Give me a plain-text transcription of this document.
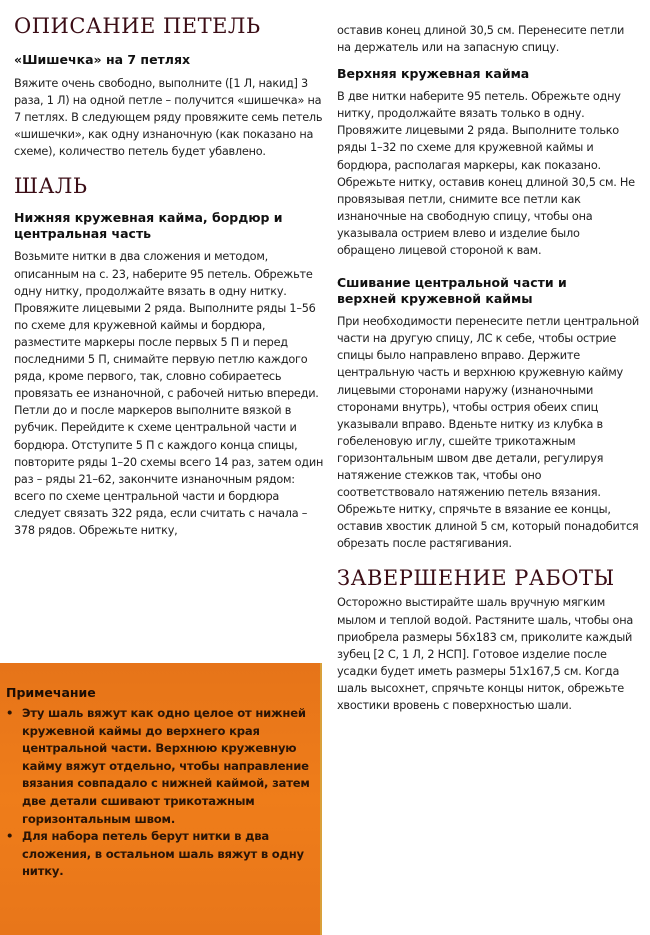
ОПИСАНИЕ ПЕТЕЛЬ
«Шишечка» на 7 петлях

Вяжите очень свободно, выполните ([1 Л, накид] 3 раза, 1 Л) на одной петле – получится «шишечка» на 7 петлях. В следующем ряду провяжите семь петель «шишечки», как одну изнаночную (как показано на схеме), количество петель будет убавлено.

ШАЛЬ
Нижняя кружевная кайма, бордюр и центральная часть

Возьмите нитки в два сложения и методом, описанным на с. 23, наберите 95 петель. Обрежьте одну нитку, продолжайте вязать в одну нитку. Провяжите лицевыми 2 ряда. Выполните ряды 1–56 по схеме для кружевной каймы и бордюра, разместите маркеры после первых 5 П и перед последними 5 П, снимайте первую петлю каждого ряда, кроме первого, так, словно собираетесь провязать ее изнаночной, с рабочей нитью впереди. Петли до и после маркеров выполните вязкой в рубчик. Перейдите к схеме центральной части и бордюра. Отступите 5 П с каждого конца спицы, повторите ряды 1–20 схемы всего 14 раз, затем один раз – ряды 21–62, закончите изнаночным рядом: всего по схеме центральной части и бордюра следует связать 322 ряда, если считать с начала – 378 рядов. Обрежьте нитку,

Примечание
• Эту шаль вяжут как одно целое от нижней кружевной каймы до верхнего края центральной части. Верхнюю кружевную кайму вяжут отдельно, чтобы направление вязания совпадало с нижней каймой, затем две детали сшивают трикотажным горизонтальным швом.
• Для набора петель берут нитки в два сложения, в остальном шаль вяжут в одну нитку.

оставив конец длиной 30,5 см. Перенесите петли на держатель или на запасную спицу.

Верхняя кружевная кайма

В две нитки наберите 95 петель. Обрежьте одну нитку, продолжайте вязать только в одну. Провяжите лицевыми 2 ряда. Выполните только ряды 1–32 по схеме для кружевной каймы и бордюра, располагая маркеры, как показано. Обрежьте нитку, оставив конец длиной 30,5 см. Не провязывая петли, снимите все петли как изнаночные на свободную спицу, чтобы она указывала острием влево и изделие было обращено лицевой стороной к вам.

Сшивание центральной части и верхней кружевной каймы

При необходимости перенесите петли центральной части на другую спицу, ЛС к себе, чтобы острие спицы было направлено вправо. Держите центральную часть и верхнюю кружевную кайму лицевыми сторонами наружу (изнаночными сторонами внутрь), чтобы острия обеих спиц указывали вправо. Вденьте нитку из клубка в гобеленовую иглу, сшейте трикотажным горизонтальным швом две детали, регулируя натяжение стежков так, чтобы оно соответствовало натяжению петель вязания. Обрежьте нитку, спрячьте в вязание ее концы, оставив хвостик длиной 5 см, который понадобится обрезать после растягивания.

ЗАВЕРШЕНИЕ РАБОТЫ

Осторожно выстирайте шаль вручную мягким мылом и теплой водой. Растяните шаль, чтобы она приобрела размеры 56х183 см, приколите каждый зубец [2 С, 1 Л, 2 НСП]. Готовое изделие после усадки будет иметь размеры 51х167,5 см. Когда шаль высохнет, спрячьте концы ниток, обрежьте хвостики вровень с поверхностью шали.
